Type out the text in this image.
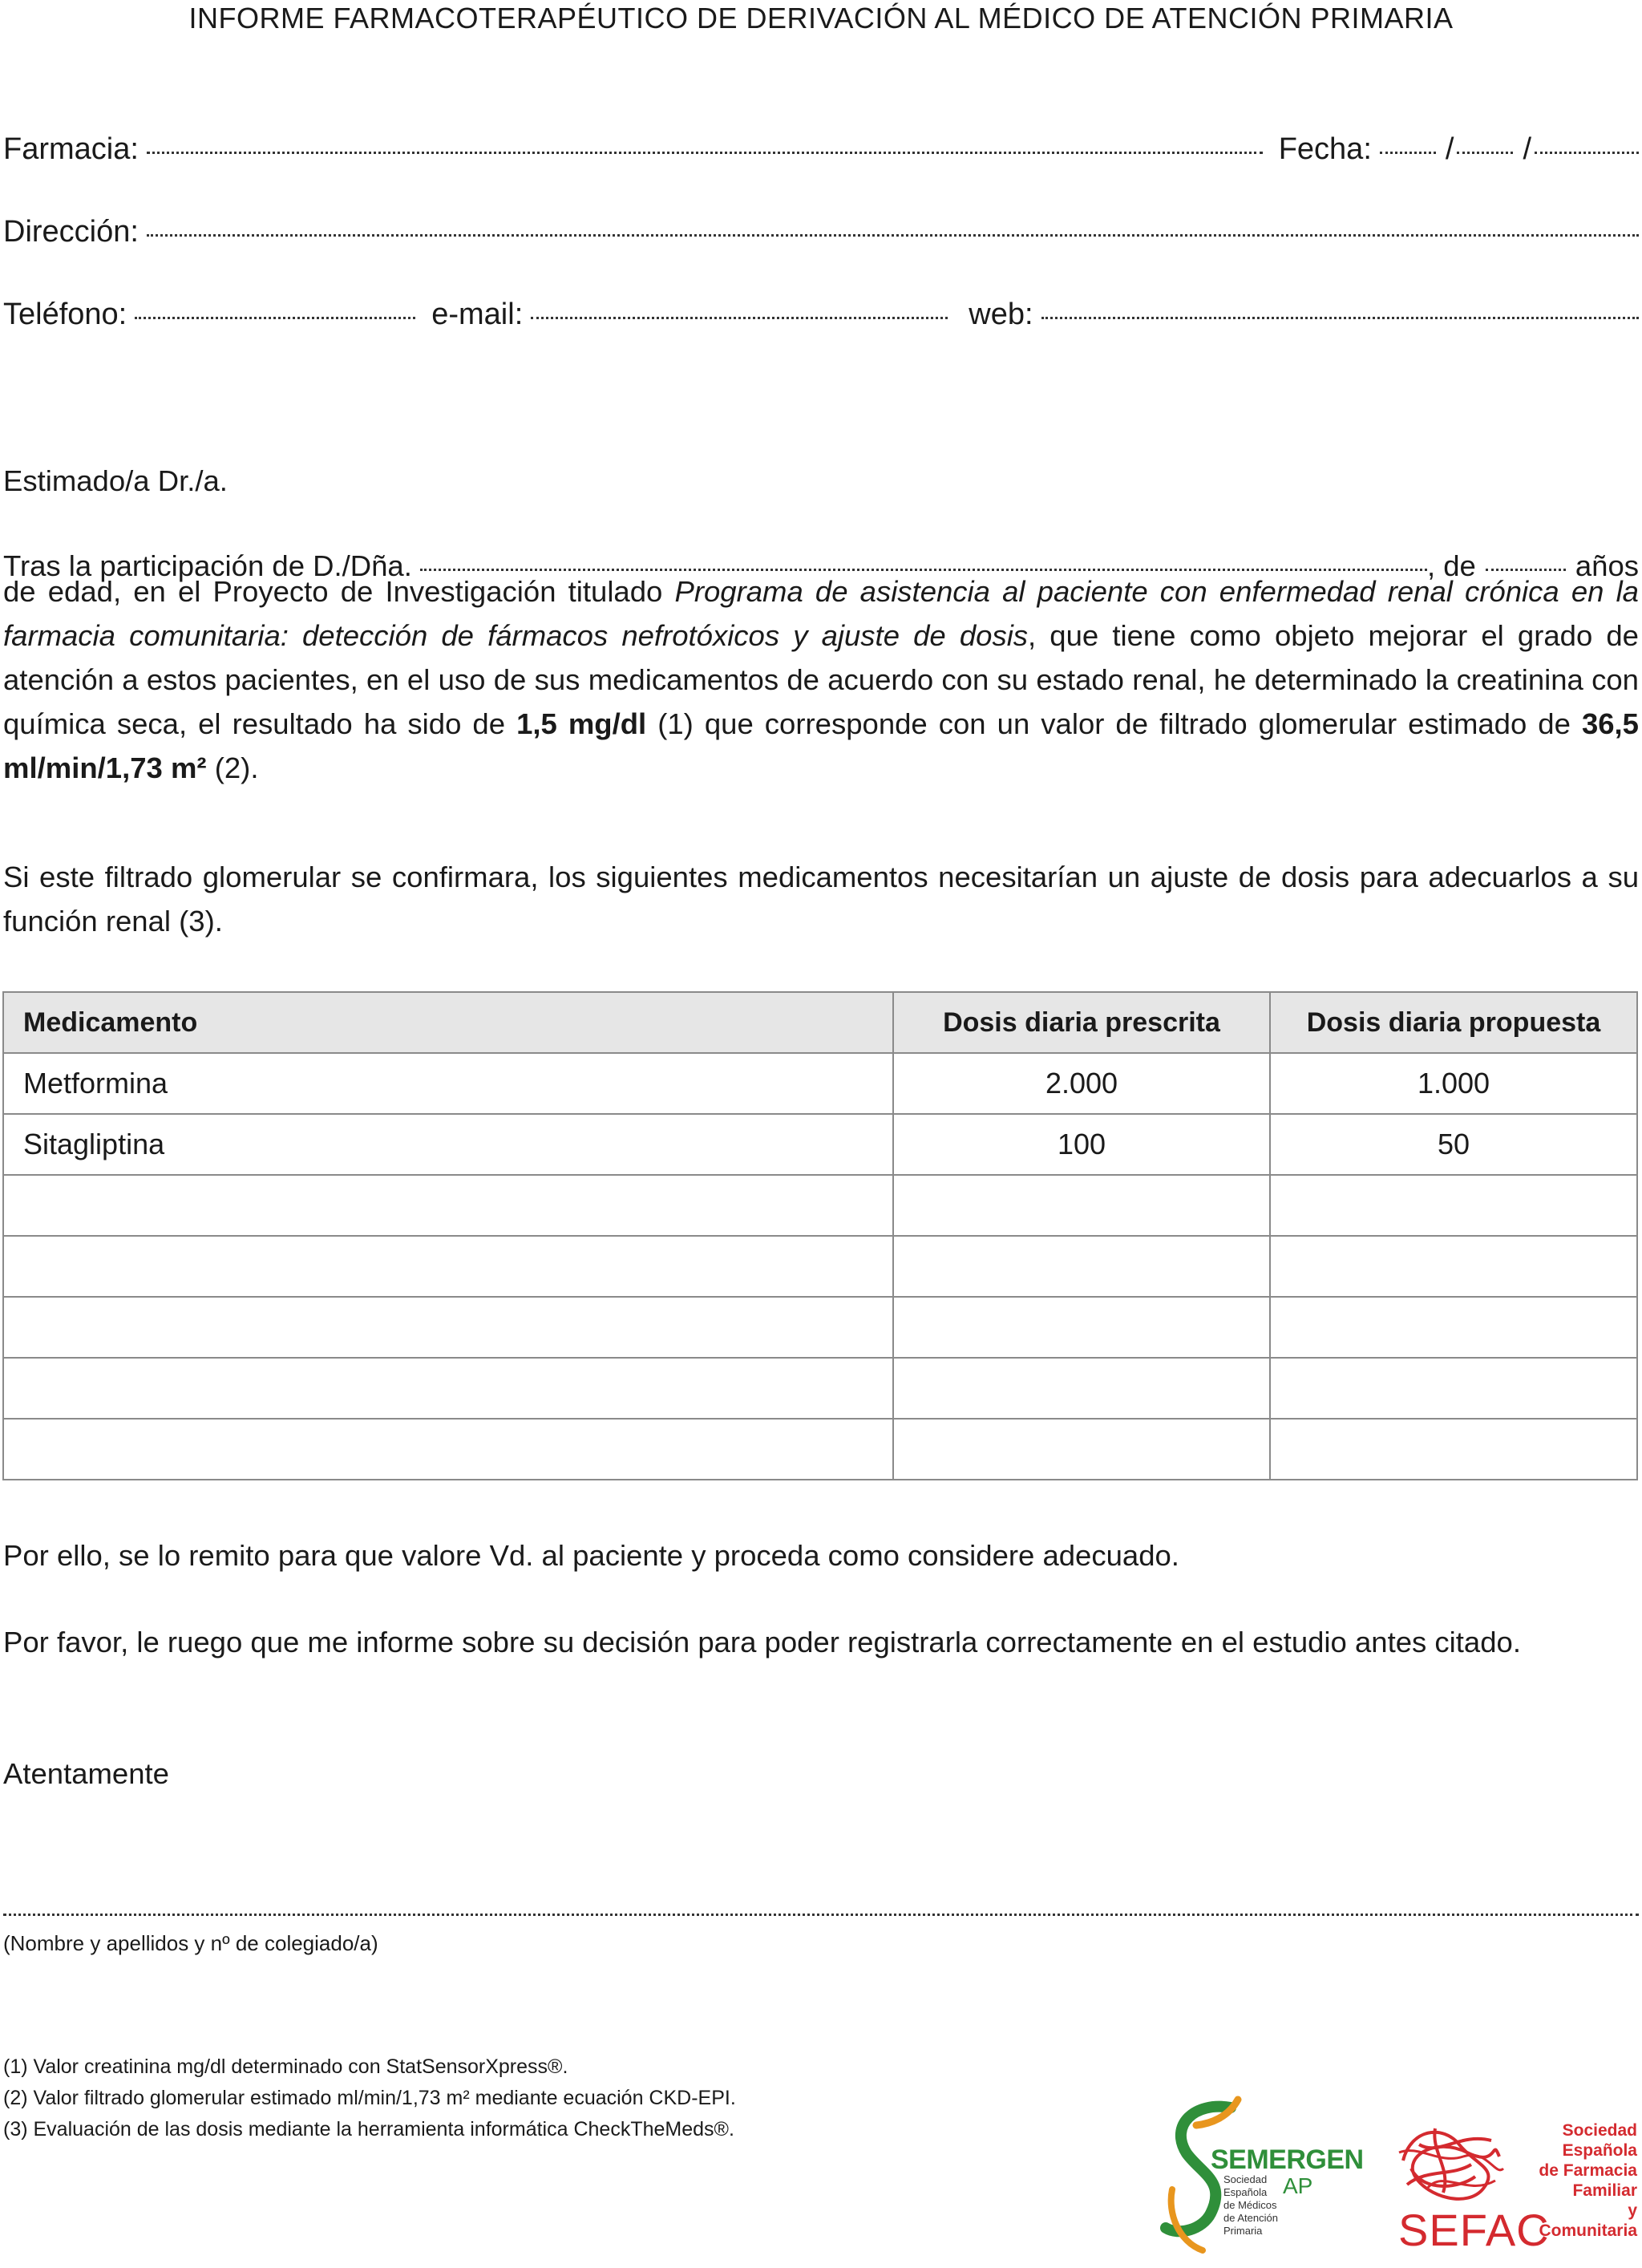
INFORME FARMACOTERAPÉUTICO DE DERIVACIÓN AL MÉDICO DE ATENCIÓN PRIMARIA
Farmacia:	Fecha: / /
Dirección:
Teléfono:	e-mail:	web:
Estimado/a Dr./a.
Tras la participación de D./Dña.	, de	años

de edad, en el Proyecto de Investigación titulado Programa de asistencia al paciente con enfermedad renal crónica en la farmacia comunitaria: detección de fármacos nefrotóxicos y ajuste de dosis, que tiene como objeto mejorar el grado de atención a estos pacientes, en el uso de sus medicamentos de acuerdo con su estado renal, he determinado la creatinina con química seca, el resultado ha sido de 1,5 mg/dl (1) que corresponde con un valor de filtrado glomerular estimado de 36,5 ml/min/1,73 m² (2).

Si este filtrado glomerular se confirmara, los siguientes medicamentos necesitarían un ajuste de dosis para adecuarlos a su función renal (3).

Medicamento	Dosis diaria prescrita	Dosis diaria propuesta
Metformina	2.000	1.000
Sitagliptina	100	50

Por ello, se lo remito para que valore Vd. al paciente y proceda como considere adecuado.

Por favor, le ruego que me informe sobre su decisión para poder registrarla correctamente en el estudio antes citado.

Atentamente
(Nombre y apellidos y nº de colegiado/a)
(1) Valor creatinina mg/dl determinado con StatSensorXpress®.
(2) Valor filtrado glomerular estimado ml/min/1,73 m² mediante ecuación CKD-EPI.
(3) Evaluación de las dosis mediante la herramienta informática CheckTheMeds®.
SEMERGEN
AP
Sociedad
Española
de Médicos
de Atención
Primaria	SEFAC
Sociedad
Española
de Farmacia
Familiar
y Comunitaria
